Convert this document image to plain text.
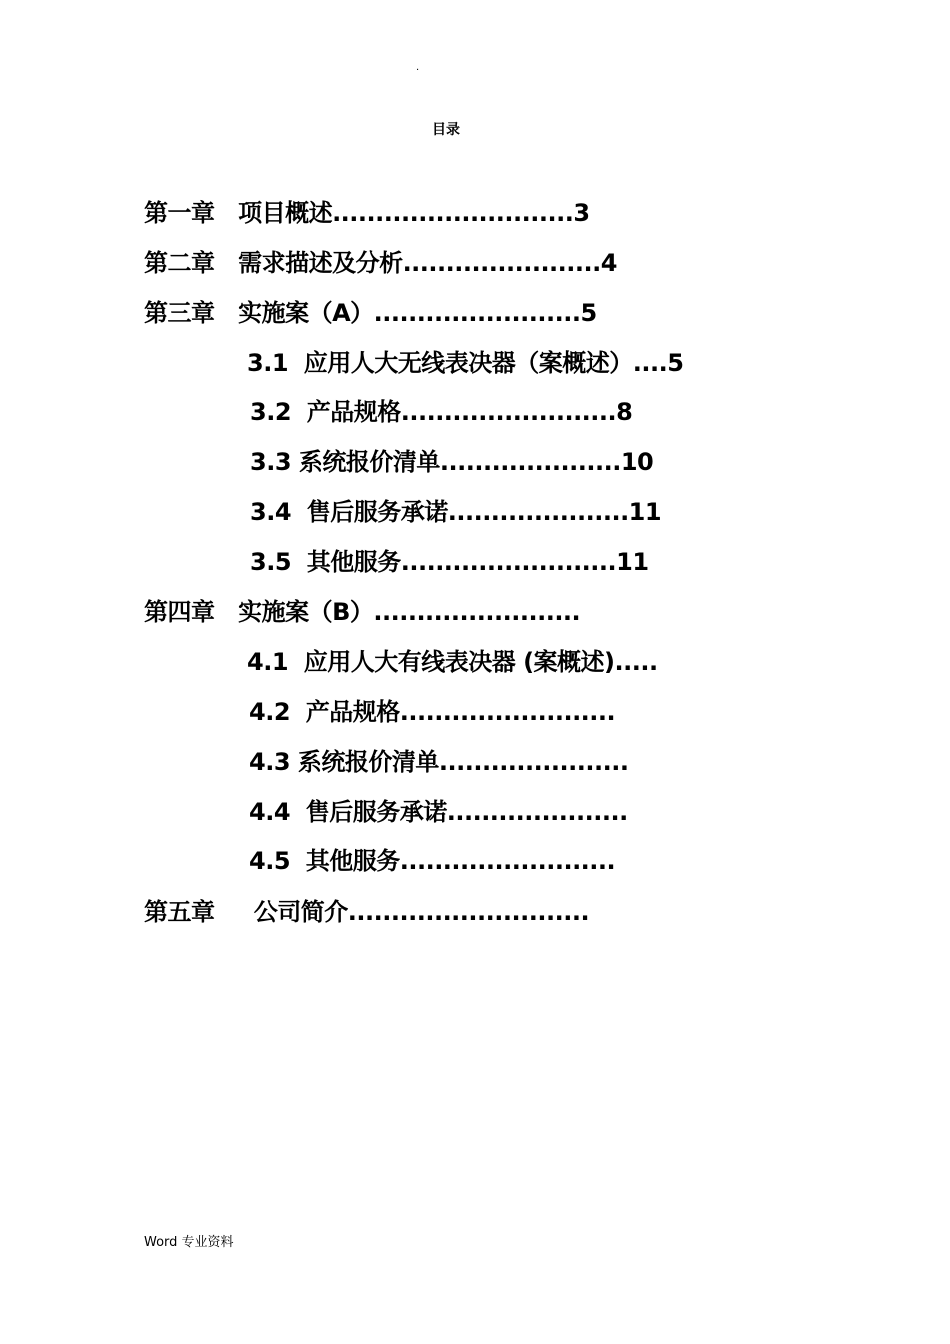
.
目录
第一章   项目概述............................3
第二章   需求描述及分析.......................4
第三章   实施案（A）........................5
3.1  应用人大无线表决器（案概述）....5
3.2  产品规格.........................8
3.3 系统报价清单.....................10
3.4  售后服务承诺.....................11
3.5  其他服务.........................11
第四章   实施案（B）........................
4.1  应用人大有线表决器 (案概述).....
4.2  产品规格.........................
4.3 系统报价清单......................
4.4  售后服务承诺.....................
4.5  其他服务.........................
第五章     公司简介............................
Word 专业资料
